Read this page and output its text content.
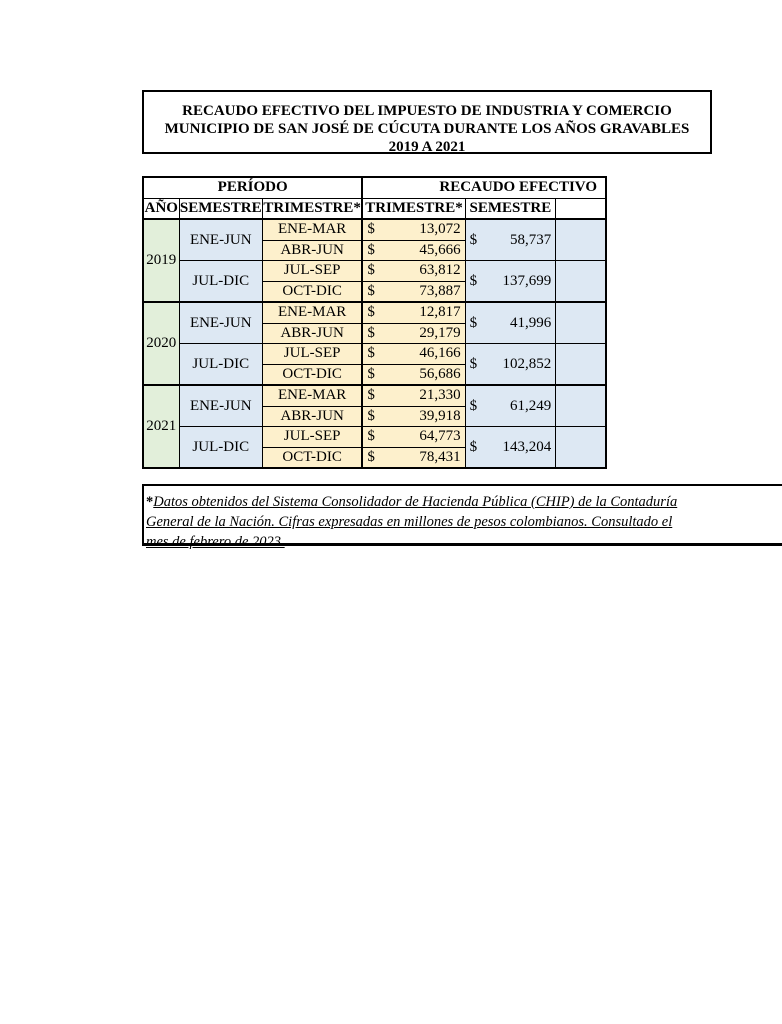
RECAUDO EFECTIVO DEL IMPUESTO DE INDUSTRIA Y COMERCIO
MUNICIPIO DE SAN JOSÉ DE CÚCUTA DURANTE LOS AÑOS GRAVABLES
2019 A 2021
PERÍODO			RECAUDO EFECTIVO		
AÑO	SEMESTRE	TRIMESTRE*	TRIMESTRE*	SEMESTRE	
2019	ENE-JUN	ENE-MAR	$ 13,072	$ 58,737	

		ABR-JUN	$ 45,666		

	JUL-DIC	JUL-SEP	$ 63,812	$ 137,699	

		OCT-DIC	$ 73,887		

2020	ENE-JUN	ENE-MAR	$ 12,817	$ 41,996	

		ABR-JUN	$ 29,179		

	JUL-DIC	JUL-SEP	$ 46,166	$ 102,852	

		OCT-DIC	$ 56,686		

2021	ENE-JUN	ENE-MAR	$ 21,330	$ 61,249	

		ABR-JUN	$ 39,918		

	JUL-DIC	JUL-SEP	$ 64,773	$ 143,204	

		OCT-DIC	$ 78,431		
*Datos obtenidos del Sistema Consolidador de Hacienda Pública (CHIP) de la Contaduría
General de la Nación. Cifras expresadas en millones de pesos colombianos. Consultado el
mes de febrero de 2023.
